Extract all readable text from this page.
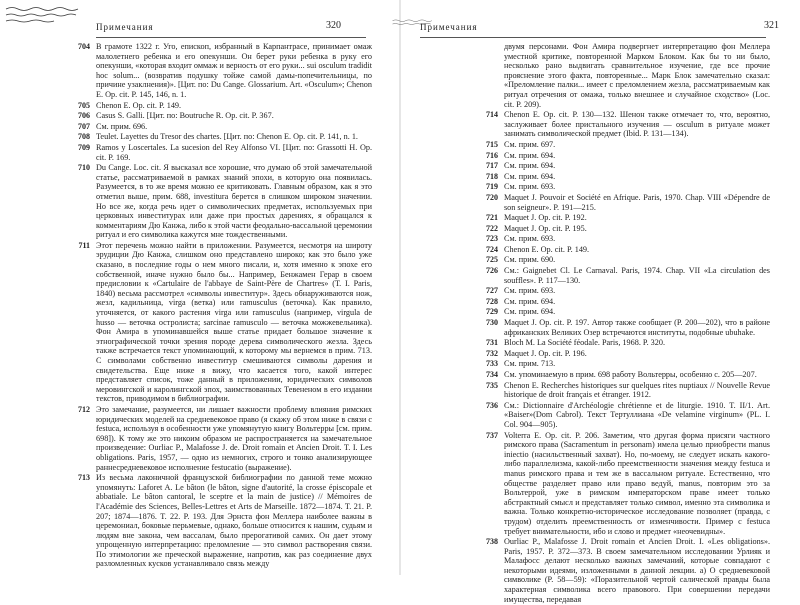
Примечания	320
704 В грамоте 1322 г. Уго, епископ, избранный в Карпантрасе, принимает омаж малолетнего ребенка и его опекунши. Он берет руки ребенка в руку его опекунши, «которая входит оммаж и верность от его руки... sui osculum tradidit hoc solum... (возвратив подушку тойже самой дамы-попечительницы, по причине узаклнения)». [Цит. по: Du Cange. Glossarium. Art. «Osculum»; Chenon E. Op. cit. P. 145, 146, n. 1.
705 Chenon E. Op. cit. P. 149.
706 Casus S. Galli. [Цит. по: Boutruche R. Op. cit. P. 367.
707 См. прим. 696.
708 Teulet. Layettes du Tresor des chartes. [Цит. по: Chenon E. Op. cit. P. 141, n. 1.
709 Ramos y Loscertales. La sucesion del Rey Alfonso VI. [Цит. по: Grassotti H. Op. cit. P. 169.
710 Du Cange. Loc. cit. Я высказал все хорошие, что думаю об этой замечательной статье, рассматриваемой в рамках знаний эпохи, в которую она появилась. Разумеется, в то же время можно ее критиковать. Главным образом, как я это отметил выше, прим. 688, investitura берется в слишком широком значении. Но все же, когда речь идет о символических предметах, используемых при церковных инвеститурах или даже при простых дарениях, я обращался к комментариям Дю Канжа, либо к этой части феодально-вассальной церемонии ритуал и его символика кажутся мне тождественными.
711 Этот перечень можно найти в приложении. Разумеется, несмотря на широту эрудиции Дю Канжа, слишком оно представлено широко; как это было уже сказано, в последние годы о нем много писали, и, хотя именно к эпохе его собственной, иначе нужно было бы... Например, Бенжамен Герар в своем предисловии к «Cartulaire de l'abbaye de Saint-Père de Chartres» (Т. I. Paris, 1840) весьма рассмотрел «символы инвеститур». Здесь обнаруживаются нож, жезл, кадильница, virga (ветка) или ramusculus (веточка). Как правило, уточняется, от какого растения virga или ramusculus (например, virgula de husso — веточка остролиста; sarcinae ramusculo — веточка можжевельника). Фон Амира в упоминавшейся выше статье придает большое значение к этнографической точки зрения породе дерева символического жезла. Здесь также встречается текст упоминающий, к которому мы вернемся в прим. 713. С символами собственно инвеститур смешиваются символы дарения и свидетельства. Еще ниже я вижу, что касается того, какой интерес представляет список, тоже данный в приложении, юридических символов меровингской и каролингской эпох, заимствованных Тевененом в его издании текстов, приводимом в библиографии.
712 Это замечание, разумеется, ни лишает важности проблему влияния римских юридических моделей на средневековое право (я скажу об этом ниже в связи с festuca, используя в особенности уже упомянутую книгу Вольтерры [см. прим. 698]). К тому же это никоим образом не распространяется на замечательное произведение: Ourliac P., Malafosse J. de. Droit romain et Ancien Droit. T. I. Les obligations. Paris, 1957, — одно из немногих, строго и тонко анализирующее раннесредневековое исполнение festucatio (выражение).
713 Из весьма лаконичной французской библиографии по данной теме можно упомянуть: Laforet A. Le bâton (le bâton, signe d'autorité, la crosse épiscopale et abbatiale. Le bâton cantoral, le sceptre et la main de justice) // Mémoires de l'Académie des Sciences, Belles-Lettres et Arts de Marseille. 1872—1874. T. 21. P. 207; 1874—1876. T. 22. P. 193. Для Эрнста фон Меллера наиболее важны в церемониал, боковые перьмевые, однако, больше относится к нашим, судьям и людям вне закона, чем вассалам, было прерогативой самих. Он дает этому упрощенную интерпретацию: преломление — это символ растворения связи. По этимологии же преческой выражение, напротив, как раз соединение двух разломленных кусков устанавливало связь между
Примечания	321
двумя персонами. Фон Амира подвергнет интерпретацию фон Меллера уместной критике, повторенной Марком Блоком. Как бы то ни было, несколько рано выдвигать сравнительное изучение, где все прочие прояснение этого факта, повторенные... Марк Блок замечательно сказал: «Преломление палки... имеет с преломлением жезла, рассматриваемым как ритуал отречения от омажа, только внешнее и случайное сходство» (Loc. cit. P. 209).
714 Chenon E. Op. cit. P. 130—132. Шенон также отмечает то, что, вероятно, заслуживает более пристального изучения — osculum в ритуале может занимать символической предмет (Ibid. P. 131—134).
715 См. прим. 697.
716 См. прим. 694.
717 См. прим. 694.
718 См. прим. 694.
719 См. прим. 693.
720 Maquet J. Pouvoir et Société en Afrique. Paris, 1970. Chap. VIII «Dépendre de son seigneur». P. 191—215.
721 Maquet J. Op. cit. P. 192.
722 Maquet J. Op. cit. P. 195.
723 См. прим. 693.
724 Chenon E. Op. cit. P. 149.
725 См. прим. 690.
726 Cм.: Gaignebet Cl. Le Carnaval. Paris, 1974. Chap. VII «La circulation des souffles». P. 117—130.
727 См. прим. 693.
728 См. прим. 694.
729 См. прим. 694.
730 Maquet J. Op. cit. P. 197. Автор также сообщает (P. 200—202), что в районе африканских Великих Озер встречаются институты, подобные ubuhake.
731 Bloch M. La Société féodale. Paris, 1968. P. 320.
732 Maquet J. Op. cit. P. 196.
733 См. прим. 713.
734 См. упоминаемую в прим. 698 работу Вольтерры, особенно с. 205—207.
735 Chenon E. Recherches historiques sur quelques rites nuptiaux // Nouvelle Revue historique de droit français et étranger. 1912.
736 Cм.: Dictionnaire d'Archéologie chrétienne et de liturgie. 1910. T. II/1. Art. «Baiser»(Dom Cabrol). Текст Тертуллиана «De velamine virginum» (PL. I. Col. 904—905).
737 Volterra E. Op. cit. P. 206. Заметим, что другая форма присяги частного римского права (Sacramentum in personam) имела целью приобрести manus iniectio (насильственный захват). Но, по-моему, не следует искать какого-либо параллелизма, какой-либо преемственности значения между festuca и manus римского права и тем же в вассальном ритуале. Естественно, что обществе разделяет право или право ведуй, manus, повторим это за Вольтеррой, уже в римском императорском праве имеет только абстрактный смысл и представляет только символ, именно эта символика и важна. Только конкретно-историческое исследование позволяет (правда, с трудом) отделить преемственность от изменчивости. Пример с festuca требует внимательности, ибо и слово и предмет «неочевидны».
738 Ourliac P., Malafosse J. Droit romain et Ancien Droit. I. «Les obligations». Paris, 1957. P. 372—373. В своем замечательном исследовании Урлияк и Малафосс делают несколько важных замечаний, которые совпадают с некоторыми идеями, изложенными в данной лекции. а) О средневековой символике (P. 58—59): «Поразительной чертой салической правды была характерная символика всего правового. При совершении передачи имущества, передавая
